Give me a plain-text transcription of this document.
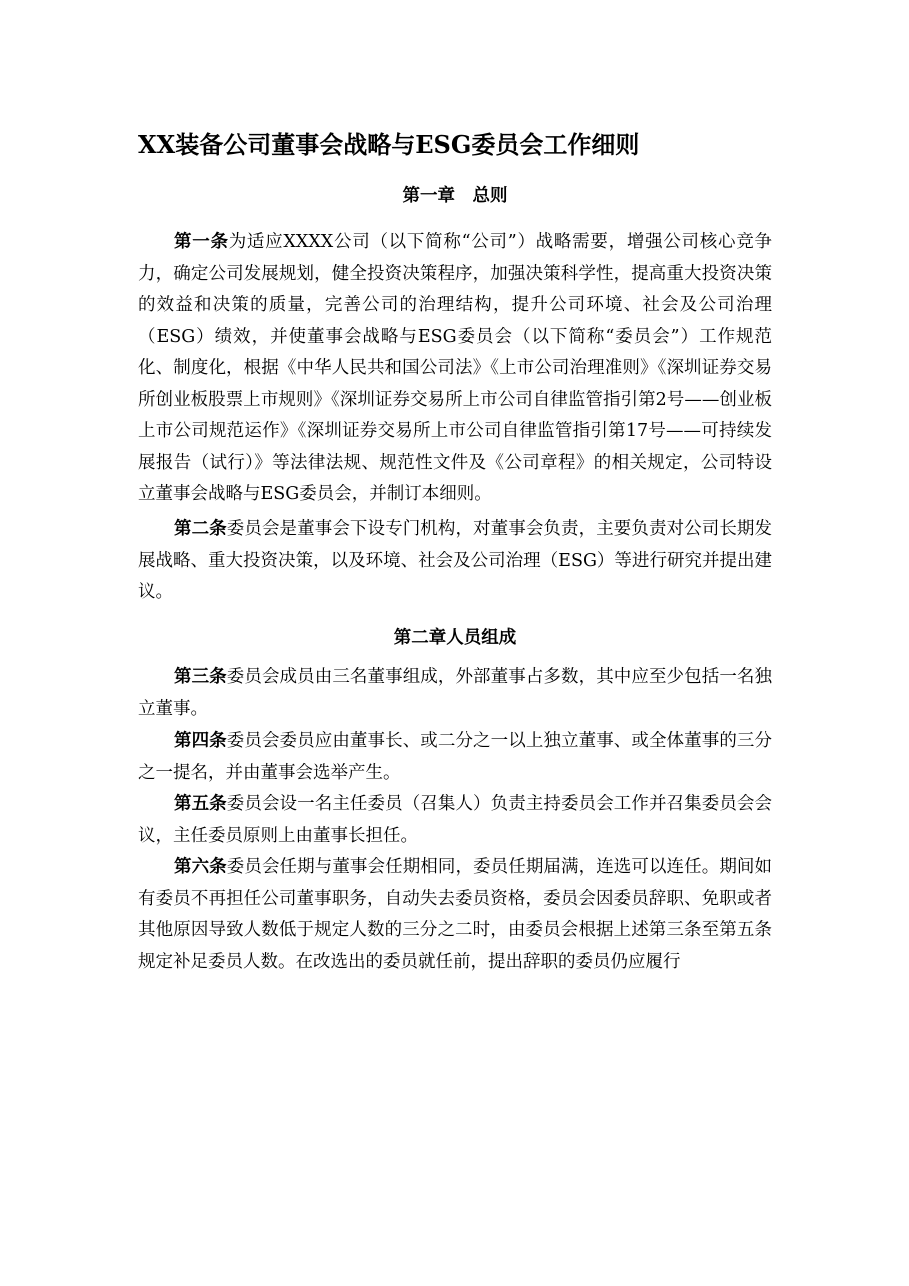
XX装备公司董事会战略与ESG委员会工作细则
第一章　总则

第一条为适应XXXX公司（以下简称“公司”）战略需要，增强公司核心竞争力，确定公司发展规划，健全投资决策程序，加强决策科学性，提高重大投资决策的效益和决策的质量，完善公司的治理结构，提升公司环境、社会及公司治理（ESG）绩效，并使董事会战略与ESG委员会（以下简称“委员会”）工作规范化、制度化，根据《中华人民共和国公司法》《上市公司治理准则》《深圳证券交易所创业板股票上市规则》《深圳证券交易所上市公司自律监管指引第2号——创业板上市公司规范运作》《深圳证券交易所上市公司自律监管指引第17号——可持续发展报告（试行）》等法律法规、规范性文件及《公司章程》的相关规定，公司特设立董事会战略与ESG委员会，并制订本细则。

第二条委员会是董事会下设专门机构，对董事会负责，主要负责对公司长期发展战略、重大投资决策，以及环境、社会及公司治理（ESG）等进行研究并提出建议。

第二章人员组成

第三条委员会成员由三名董事组成，外部董事占多数，其中应至少包括一名独立董事。

第四条委员会委员应由董事长、或二分之一以上独立董事、或全体董事的三分之一提名，并由董事会选举产生。

第五条委员会设一名主任委员（召集人）负责主持委员会工作并召集委员会会议，主任委员原则上由董事长担任。

第六条委员会任期与董事会任期相同，委员任期届满，连选可以连任。期间如有委员不再担任公司董事职务，自动失去委员资格，委员会因委员辞职、免职或者其他原因导致人数低于规定人数的三分之二时，由委员会根据上述第三条至第五条规定补足委员人数。在改选出的委员就任前，提出辞职的委员仍应履行
